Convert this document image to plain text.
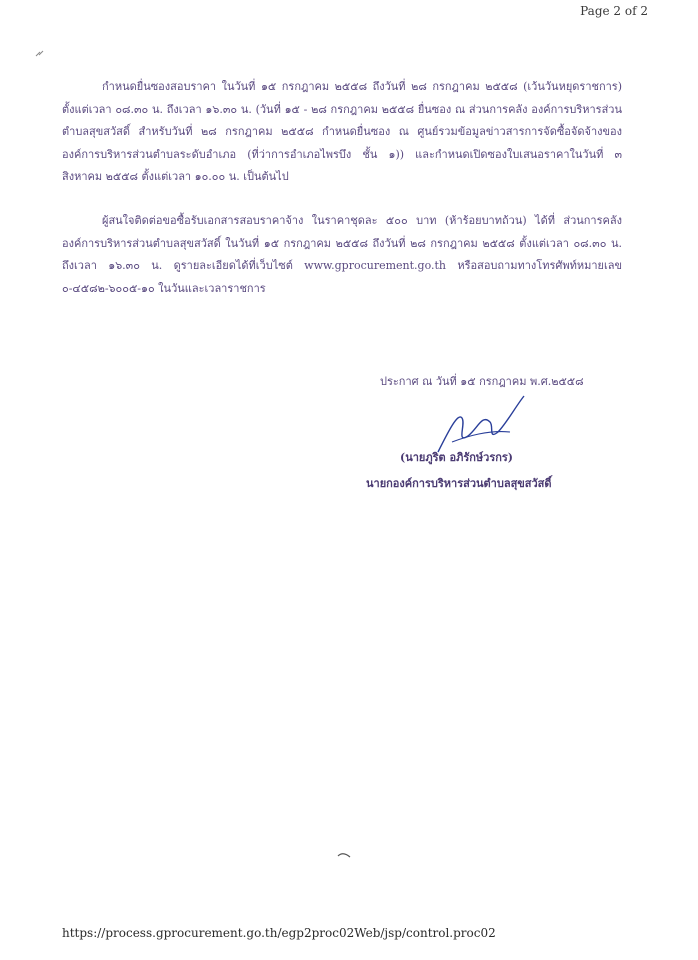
Page 2 of 2

กำหนดยื่นซองสอบราคา ในวันที่ ๑๕ กรกฎาคม ๒๕๕๘ ถึงวันที่ ๒๘ กรกฎาคม ๒๕๕๘ (เว้นวันหยุดราชการ) ตั้งแต่เวลา ๐๘.๓๐ น. ถึงเวลา ๑๖.๓๐ น. (วันที่ ๑๕ - ๒๘ กรกฎาคม ๒๕๕๘ ยื่นซอง ณ ส่วนการคลัง องค์การบริหารส่วนตำบลสุขสวัสดิ์ สำหรับวันที่ ๒๘ กรกฎาคม ๒๕๕๘ กำหนดยื่นซอง ณ ศูนย์รวมข้อมูลข่าวสารการจัดซื้อจัดจ้างขององค์การบริหารส่วนตำบลระดับอำเภอ (ที่ว่าการอำเภอไพรบึง ชั้น ๑)) และกำหนดเปิดซองใบเสนอราคาในวันที่ ๓ สิงหาคม ๒๕๕๘ ตั้งแต่เวลา ๑๐.๐๐ น. เป็นต้นไป

ผู้สนใจติดต่อขอซื้อรับเอกสารสอบราคาจ้าง ในราคาชุดละ ๕๐๐ บาท (ห้าร้อยบาทถ้วน) ได้ที่ ส่วนการคลัง องค์การบริหารส่วนตำบลสุขสวัสดิ์ ในวันที่ ๑๕ กรกฎาคม ๒๕๕๘ ถึงวันที่ ๒๘ กรกฎาคม ๒๕๕๘ ตั้งแต่เวลา ๐๘.๓๐ น. ถึงเวลา ๑๖.๓๐ น. ดูรายละเอียดได้ที่เว็บไซต์ www.gprocurement.go.th หรือสอบถามทางโทรศัพท์หมายเลข ๐-๔๕๘๒-๖๐๐๕-๑๐ ในวันและเวลาราชการ

ประกาศ ณ วันที่ ๑๕ กรกฎาคม พ.ศ.๒๕๕๘
(นายภูริต อภิรักษ์วรกร)
นายกองค์การบริหารส่วนตำบลสุขสวัสดิ์
https://process.gprocurement.go.th/egp2proc02Web/jsp/control.proc02
